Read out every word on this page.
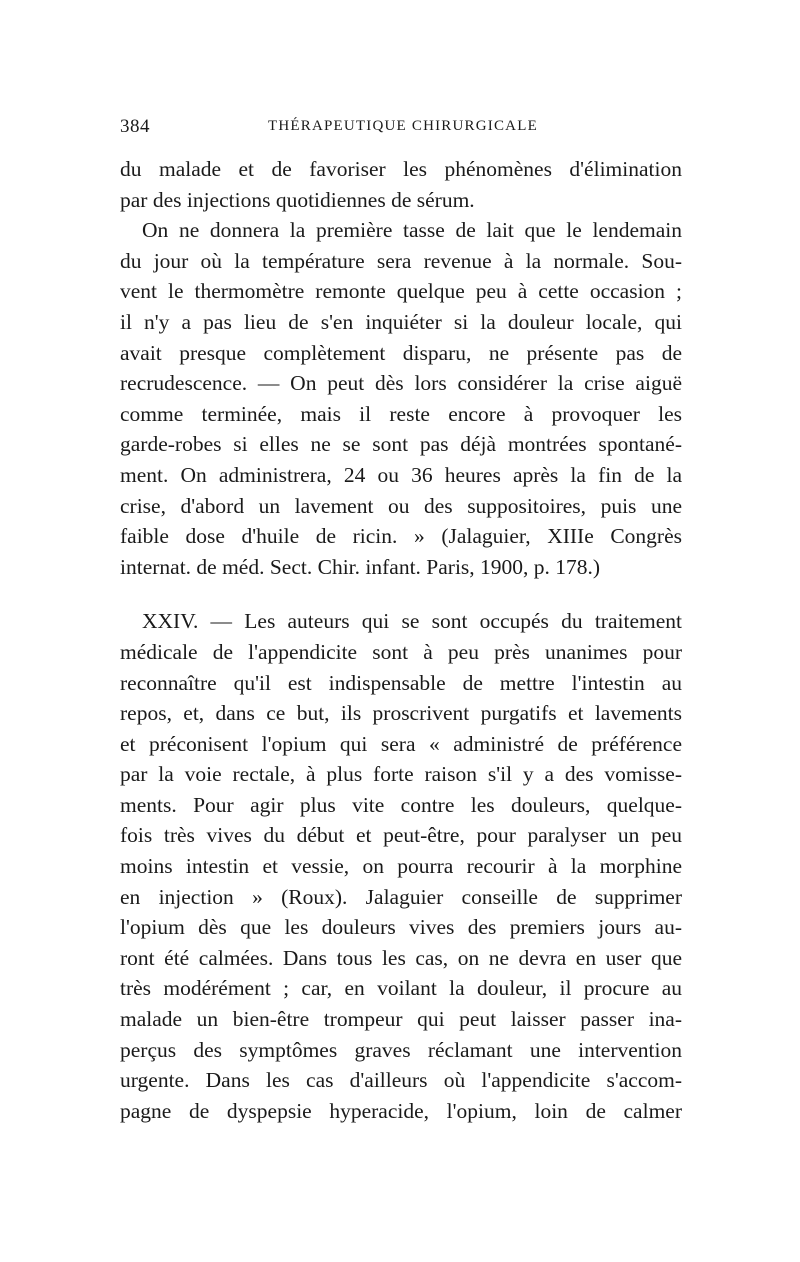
384	THÉRAPEUTIQUE CHIRURGICALE

du malade et de favoriser les phénomènes d'élimination
par des injections quotidiennes de sérum.

On ne donnera la première tasse de lait que le lendemain
du jour où la température sera revenue à la normale. Sou-
vent le thermomètre remonte quelque peu à cette occasion ;
il n'y a pas lieu de s'en inquiéter si la douleur locale, qui
avait presque complètement disparu, ne présente pas de
recrudescence. — On peut dès lors considérer la crise aiguë
comme terminée, mais il reste encore à provoquer les
garde-robes si elles ne se sont pas déjà montrées spontané-
ment. On administrera, 24 ou 36 heures après la fin de la
crise, d'abord un lavement ou des suppositoires, puis une
faible dose d'huile de ricin. » (Jalaguier, XIIIe Congrès
internat. de méd. Sect. Chir. infant. Paris, 1900, p. 178.)

XXIV. — Les auteurs qui se sont occupés du traitement
médicale de l'appendicite sont à peu près unanimes pour
reconnaître qu'il est indispensable de mettre l'intestin au
repos, et, dans ce but, ils proscrivent purgatifs et lavements
et préconisent l'opium qui sera « administré de préférence
par la voie rectale, à plus forte raison s'il y a des vomisse-
ments. Pour agir plus vite contre les douleurs, quelque-
fois très vives du début et peut-être, pour paralyser un peu
moins intestin et vessie, on pourra recourir à la morphine
en injection » (Roux). Jalaguier conseille de supprimer
l'opium dès que les douleurs vives des premiers jours au-
ront été calmées. Dans tous les cas, on ne devra en user que
très modérément ; car, en voilant la douleur, il procure au
malade un bien-être trompeur qui peut laisser passer ina-
perçus des symptômes graves réclamant une intervention
urgente. Dans les cas d'ailleurs où l'appendicite s'accom-
pagne de dyspepsie hyperacide, l'opium, loin de calmer
